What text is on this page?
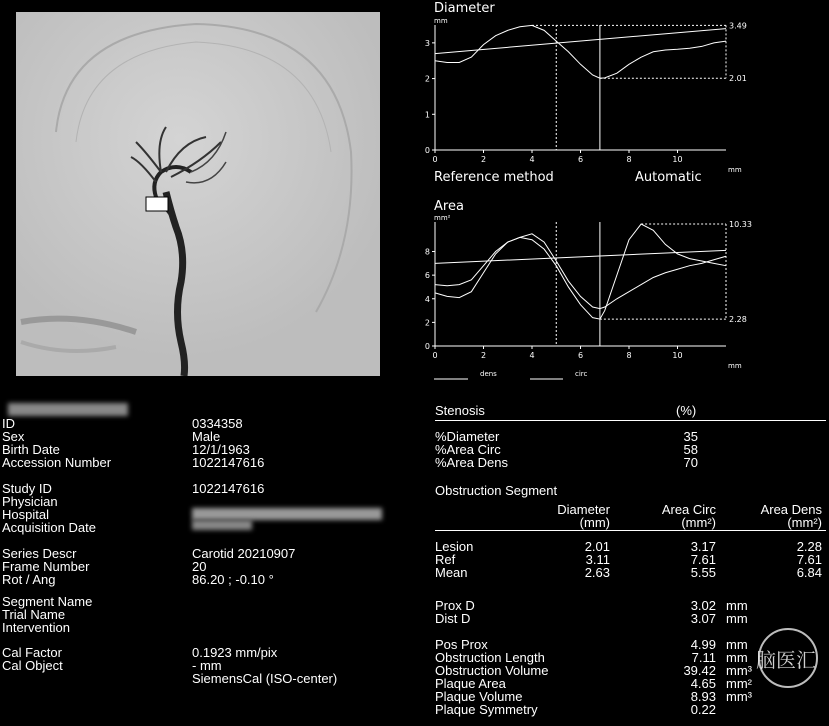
Diameter
mm
0	2	4	6	8	10
0
1
2
3
mm
3.49
2.01
Reference method	Automatic
Area
mm²
0	2	4	6	8	10
0
2
4
6
8
mm
10.33
2.28
dens	circ
ID	0334358
Sex	Male
Birth Date	12/1/1963
Accession Number	1022147616
Study ID	1022147616
Physician
Hospital
Acquisition Date
Series Descr	Carotid 20210907
Frame Number	20
Rot / Ang	86.20 ; -0.10 °
Segment Name
Trial Name
Intervention
Cal Factor	0.1923 mm/pix
Cal Object	- mm
SiemensCal (ISO-center)
Stenosis	(%)
%Diameter	35
%Area Circ	58
%Area Dens	70
Obstruction Segment
Diameter
(mm)
Area Circ
(mm²)
Area Dens
(mm²)
Lesion	2.01	3.17	2.28
Ref	3.11	7.61	7.61
Mean	2.63	5.55	6.84
Prox D	3.02 mm
Dist D	3.07 mm
Pos Prox	4.99 mm
Obstruction Length	7.11 mm
Obstruction Volume	39.42 mm³
Plaque Area	4.65 mm²
Plaque Volume	8.93 mm³
Plaque Symmetry	0.22
脑医汇
